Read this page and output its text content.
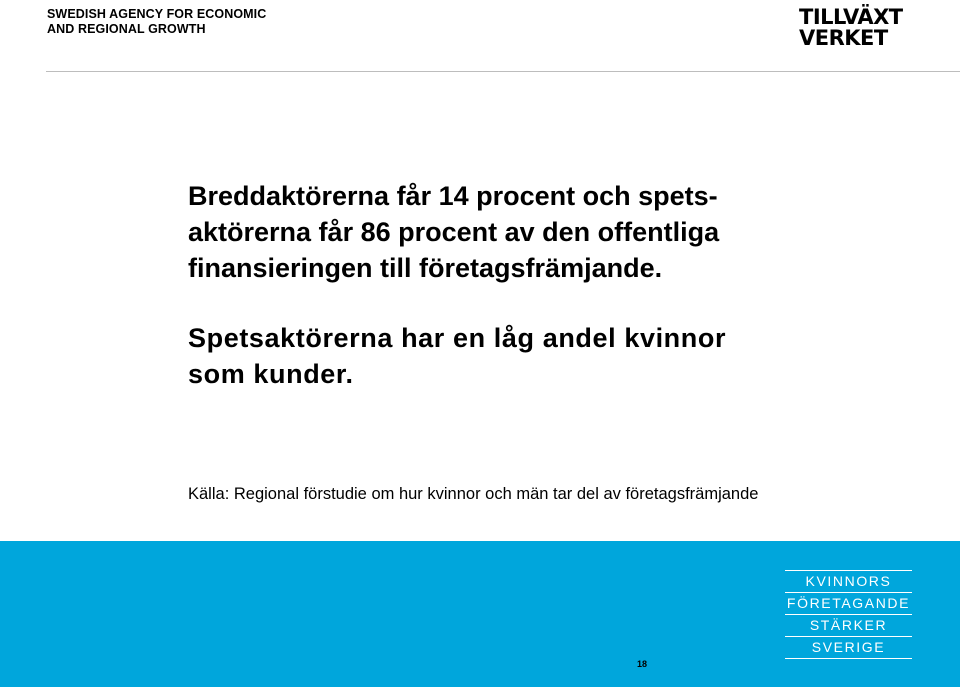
SWEDISH AGENCY FOR ECONOMIC
AND REGIONAL GROWTH	TILLVÄXT
VERKET
Breddaktörerna får 14 procent och spets-
aktörerna får 86 procent av den offentliga
finansieringen till företagsfrämjande.
Spetsaktörerna har en låg andel kvinnor
som kunder.
Källa: Regional förstudie om hur kvinnor och män tar del av företagsfrämjande
KVINNORS
FÖRETAGANDE
STÄRKER
SVERIGE
18
